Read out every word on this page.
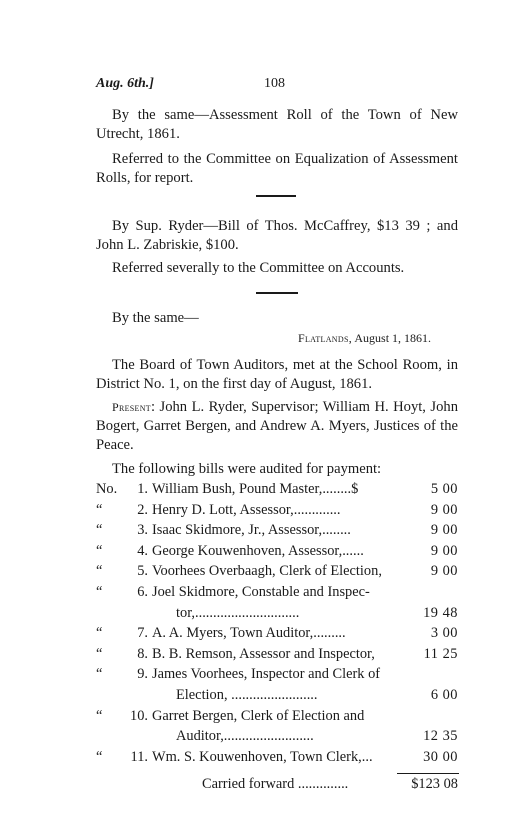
Aug. 6th.]	108
By the same—Assessment Roll of the Town of New Utrecht, 1861.
Referred to the Committee on Equalization of Assessment Rolls, for report.
By Sup. Ryder—Bill of Thos. McCaffrey, $13 39 ; and John L. Zabriskie, $100.
Referred severally to the Committee on Accounts.
By the same—
Flatlands, August 1, 1861.
The Board of Town Auditors, met at the School Room, in District No. 1, on the first day of August, 1861.
Present: John L. Ryder, Supervisor; William H. Hoyt, John Bogert, Garret Bergen, and Andrew A. Myers, Justices of the Peace.
The following bills were audited for payment:
No.	1. William Bush, Pound Master,........$	5 00
“	2. Henry D. Lott, Assessor,.............	9 00
“	3. Isaac Skidmore, Jr., Assessor,........	9 00
“	4. George Kouwenhoven, Assessor,......	9 00
“	5. Voorhees Overbaagh, Clerk of Election,	9 00
“	6. Joel Skidmore, Constable and Inspec-
tor,.............................	19 48
“	7. A. A. Myers, Town Auditor,.........	3 00
“	8. B. B. Remson, Assessor and Inspector,	11 25
“	9. James Voorhees, Inspector and Clerk of
Election, ........................	6 00
“	10. Garret Bergen, Clerk of Election and
Auditor,.........................	12 35
“	11. Wm. S. Kouwenhoven, Town Clerk,...	30 00
Carried forward ..............	$123 08
